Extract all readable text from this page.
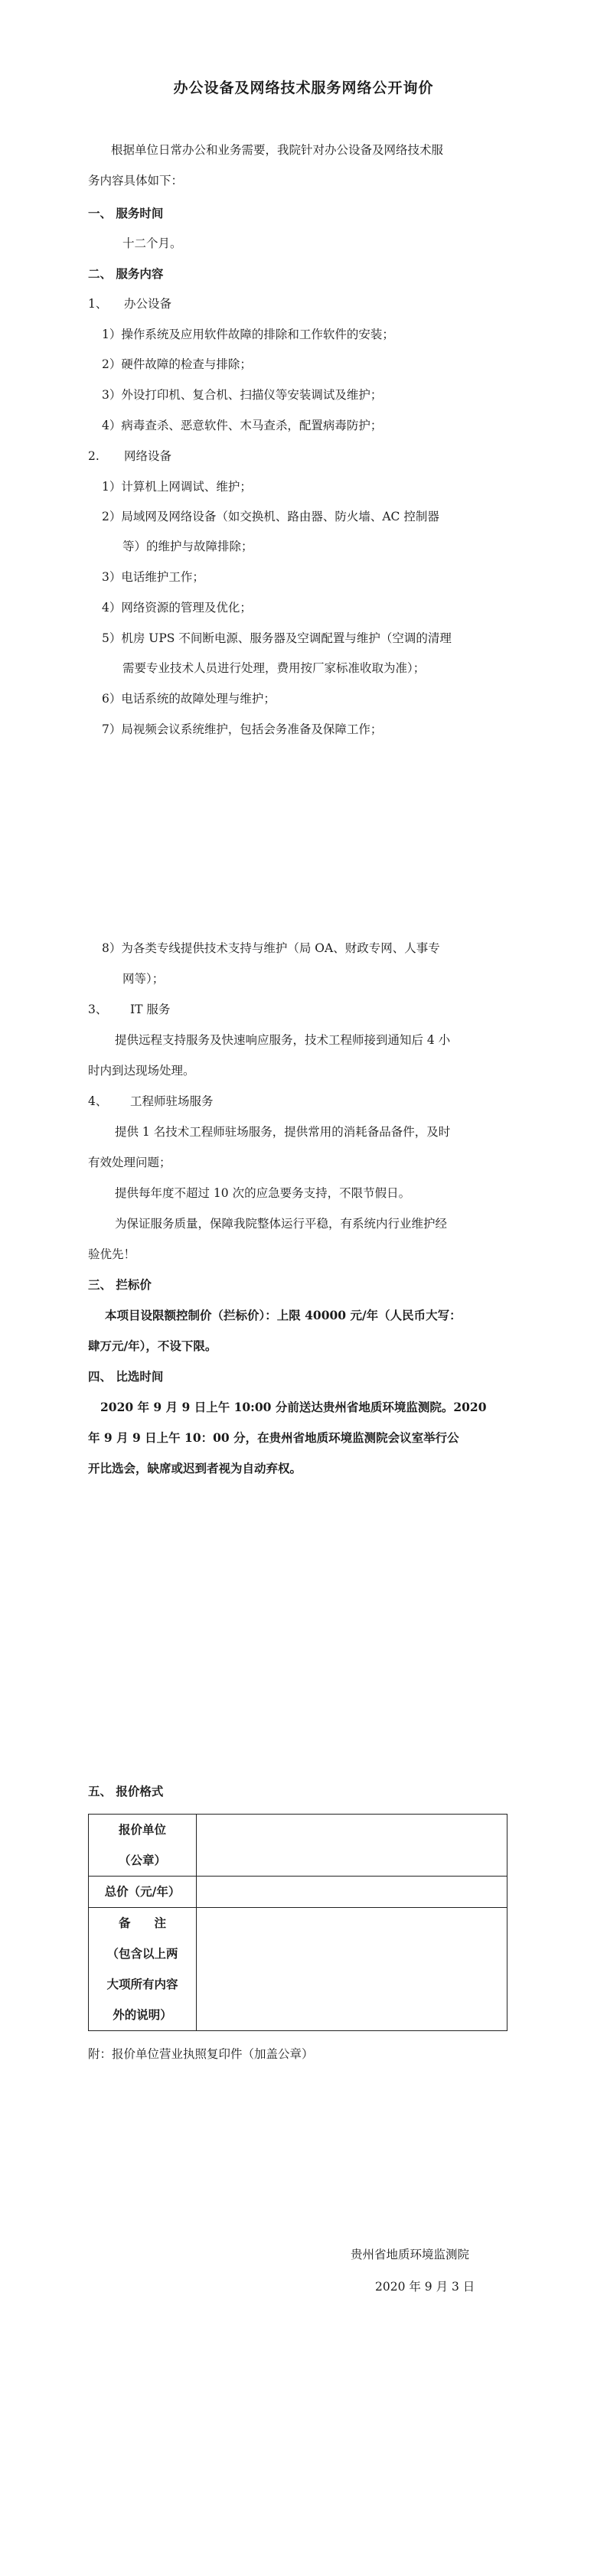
办公设备及网络技术服务网络公开询价
根据单位日常办公和业务需要，我院针对办公设备及网络技术服
务内容具体如下：
一、 服务时间
十二个月。
二、 服务内容
1、 办公设备
1）操作系统及应用软件故障的排除和工作软件的安装；
2）硬件故障的检查与排除；
3）外设打印机、复合机、扫描仪等安装调试及维护；
4）病毒查杀、恶意软件、木马查杀，配置病毒防护；
2. 网络设备
1）计算机上网调试、维护；
2）局域网及网络设备（如交换机、路由器、防火墙、AC 控制器
等）的维护与故障排除；
3）电话维护工作；
4）网络资源的管理及优化；
5）机房 UPS 不间断电源、服务器及空调配置与维护（空调的清理
需要专业技术人员进行处理，费用按厂家标准收取为准）；
6）电话系统的故障处理与维护；
7）局视频会议系统维护，包括会务准备及保障工作；
8）为各类专线提供技术支持与维护（局 OA、财政专网、人事专
网等）；
3、 IT 服务
提供远程支持服务及快速响应服务，技术工程师接到通知后 4 小
时内到达现场处理。
4、 工程师驻场服务
提供 1 名技术工程师驻场服务，提供常用的消耗备品备件，及时
有效处理问题；
提供每年度不超过 10 次的应急要务支持，不限节假日。
为保证服务质量，保障我院整体运行平稳，有系统内行业维护经
验优先！
三、 拦标价
本项目设限额控制价（拦标价）：上限 40000 元/年（人民币大写：
肆万元/年），不设下限。
四、 比选时间
2020 年 9 月 9 日上午 10:00 分前送达贵州省地质环境监测院。2020
年 9 月 9 日上午 10：00 分，在贵州省地质环境监测院会议室举行公
开比选会，缺席或迟到者视为自动弃权。
五、 报价格式
报价单位
（公章）	

总价（元/年）	

备　　注
（包含以上两
大项所有内容
外的说明）	

附：报价单位营业执照复印件（加盖公章）
贵州省地质环境监测院
2020 年 9 月 3 日
